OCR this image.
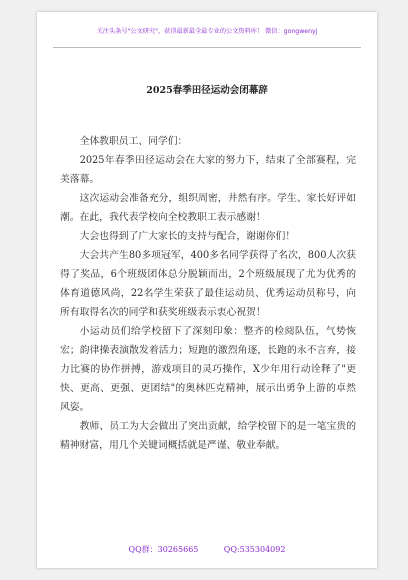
关注头条号"公文研究"，获得最新最全最专业的公文资料库！ 微信：gongwenyj
2025春季田径运动会闭幕辞

全体教职员工、同学们：

2025年春季田径运动会在大家的努力下，结束了全部赛程，完美落幕。

这次运动会准备充分，组织周密，井然有序。学生、家长好评如潮。在此，我代表学校向全校教职工表示感谢！

大会也得到了广大家长的支持与配合，谢谢你们！

大会共产生80多项冠军，400多名同学获得了名次，800人次获得了奖品，6个班级团体总分脱颖而出，2个班级展现了尤为优秀的体育道德风尚，22名学生荣获了最佳运动员、优秀运动员称号，向所有取得名次的同学和获奖班级表示衷心祝贺！

小运动员们给学校留下了深刻印象：整齐的检阅队伍，气势恢宏；韵律操表演散发着活力；短跑的激烈角逐，长跑的永不言弃，接力比赛的协作拼搏，游戏项目的灵巧操作，X少年用行动诠释了"更快、更高、更强、更团结"的奥林匹克精神，展示出勇争上游的卓然风姿。

教师、员工为大会做出了突出贡献，给学校留下的是一笔宝贵的精神财富，用几个关键词概括就是严谨、敬业奉献。

QQ群：30265665          QQ:535304092
